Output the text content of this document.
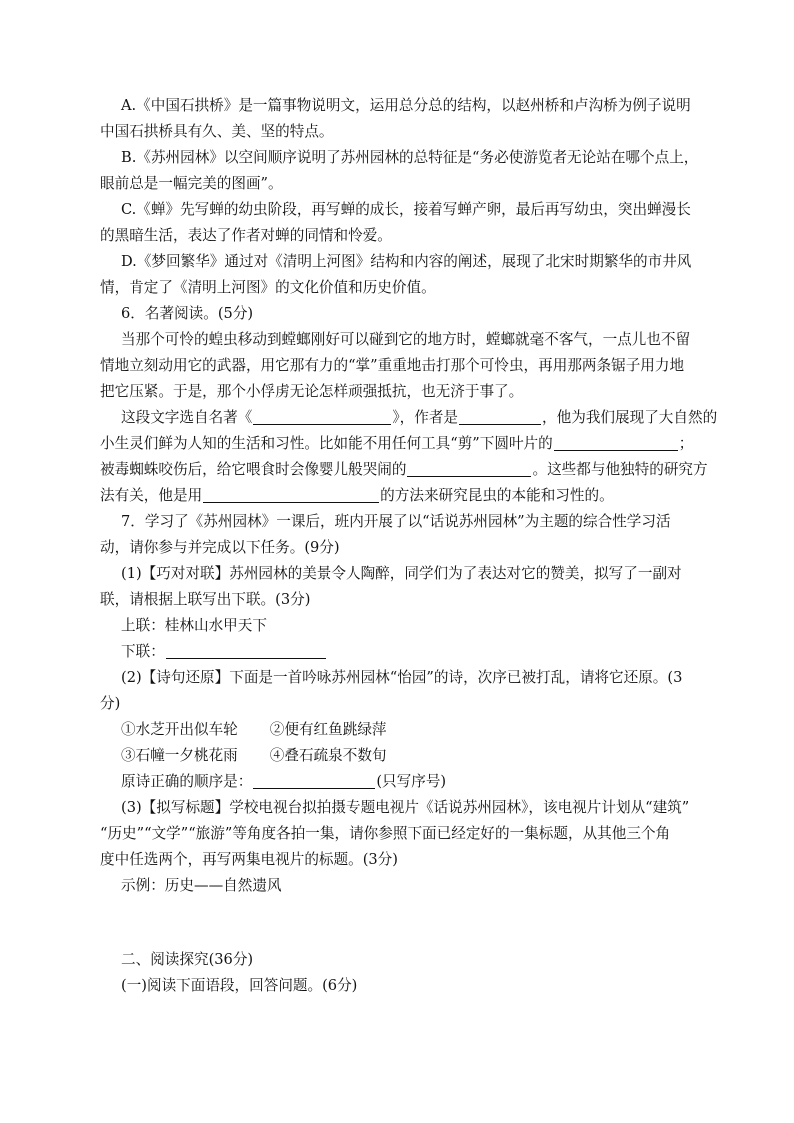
A.《中国石拱桥》是一篇事物说明文，运用总分总的结构，以赵州桥和卢沟桥为例子说明

中国石拱桥具有久、美、坚的特点。

B.《苏州园林》以空间顺序说明了苏州园林的总特征是“务必使游览者无论站在哪个点上，

眼前总是一幅完美的图画”。

C.《蝉》先写蝉的幼虫阶段，再写蝉的成长，接着写蝉产卵，最后再写幼虫，突出蝉漫长

的黑暗生活，表达了作者对蝉的同情和怜爱。

D.《梦回繁华》通过对《清明上河图》结构和内容的阐述，展现了北宋时期繁华的市井风

情，肯定了《清明上河图》的文化价值和历史价值。

6．名著阅读。(5分)

当那个可怜的蝗虫移动到螳螂刚好可以碰到它的地方时，螳螂就毫不客气，一点儿也不留

情地立刻动用它的武器，用它那有力的“掌”重重地击打那个可怜虫，再用那两条锯子用力地

把它压紧。于是，那个小俘虏无论怎样顽强抵抗，也无济于事了。

这段文字选自名著《	》，作者是	，他为我们展现了大自然的

小生灵们鲜为人知的生活和习性。比如能不用任何工具“剪”下圆叶片的	；

被毒蜘蛛咬伤后，给它喂食时会像婴儿般哭闹的	。这些都与他独特的研究方

法有关，他是用	的方法来研究昆虫的本能和习性的。

7．学习了《苏州园林》一课后，班内开展了以“话说苏州园林”为主题的综合性学习活

动，请你参与并完成以下任务。(9分)

(1)【巧对对联】苏州园林的美景令人陶醉，同学们为了表达对它的赞美，拟写了一副对

联，请根据上联写出下联。(3分)

上联：桂林山水甲天下

下联：

(2)【诗句还原】下面是一首吟咏苏州园林“怡园”的诗，次序已被打乱，请将它还原。(3

分)

①水芝开出似车轮 ②便有红鱼跳绿萍

③石幢一夕桃花雨 ④叠石疏泉不数旬

原诗正确的顺序是：	(只写序号)

(3)【拟写标题】学校电视台拟拍摄专题电视片《话说苏州园林》，该电视片计划从“建筑”

“历史”“文学”“旅游”等角度各拍一集，请你参照下面已经定好的一集标题，从其他三个角

度中任选两个，再写两集电视片的标题。(3分)

示例：历史——自然遗风

二、阅读探究(36分)

(一)阅读下面语段，回答问题。(6分)
